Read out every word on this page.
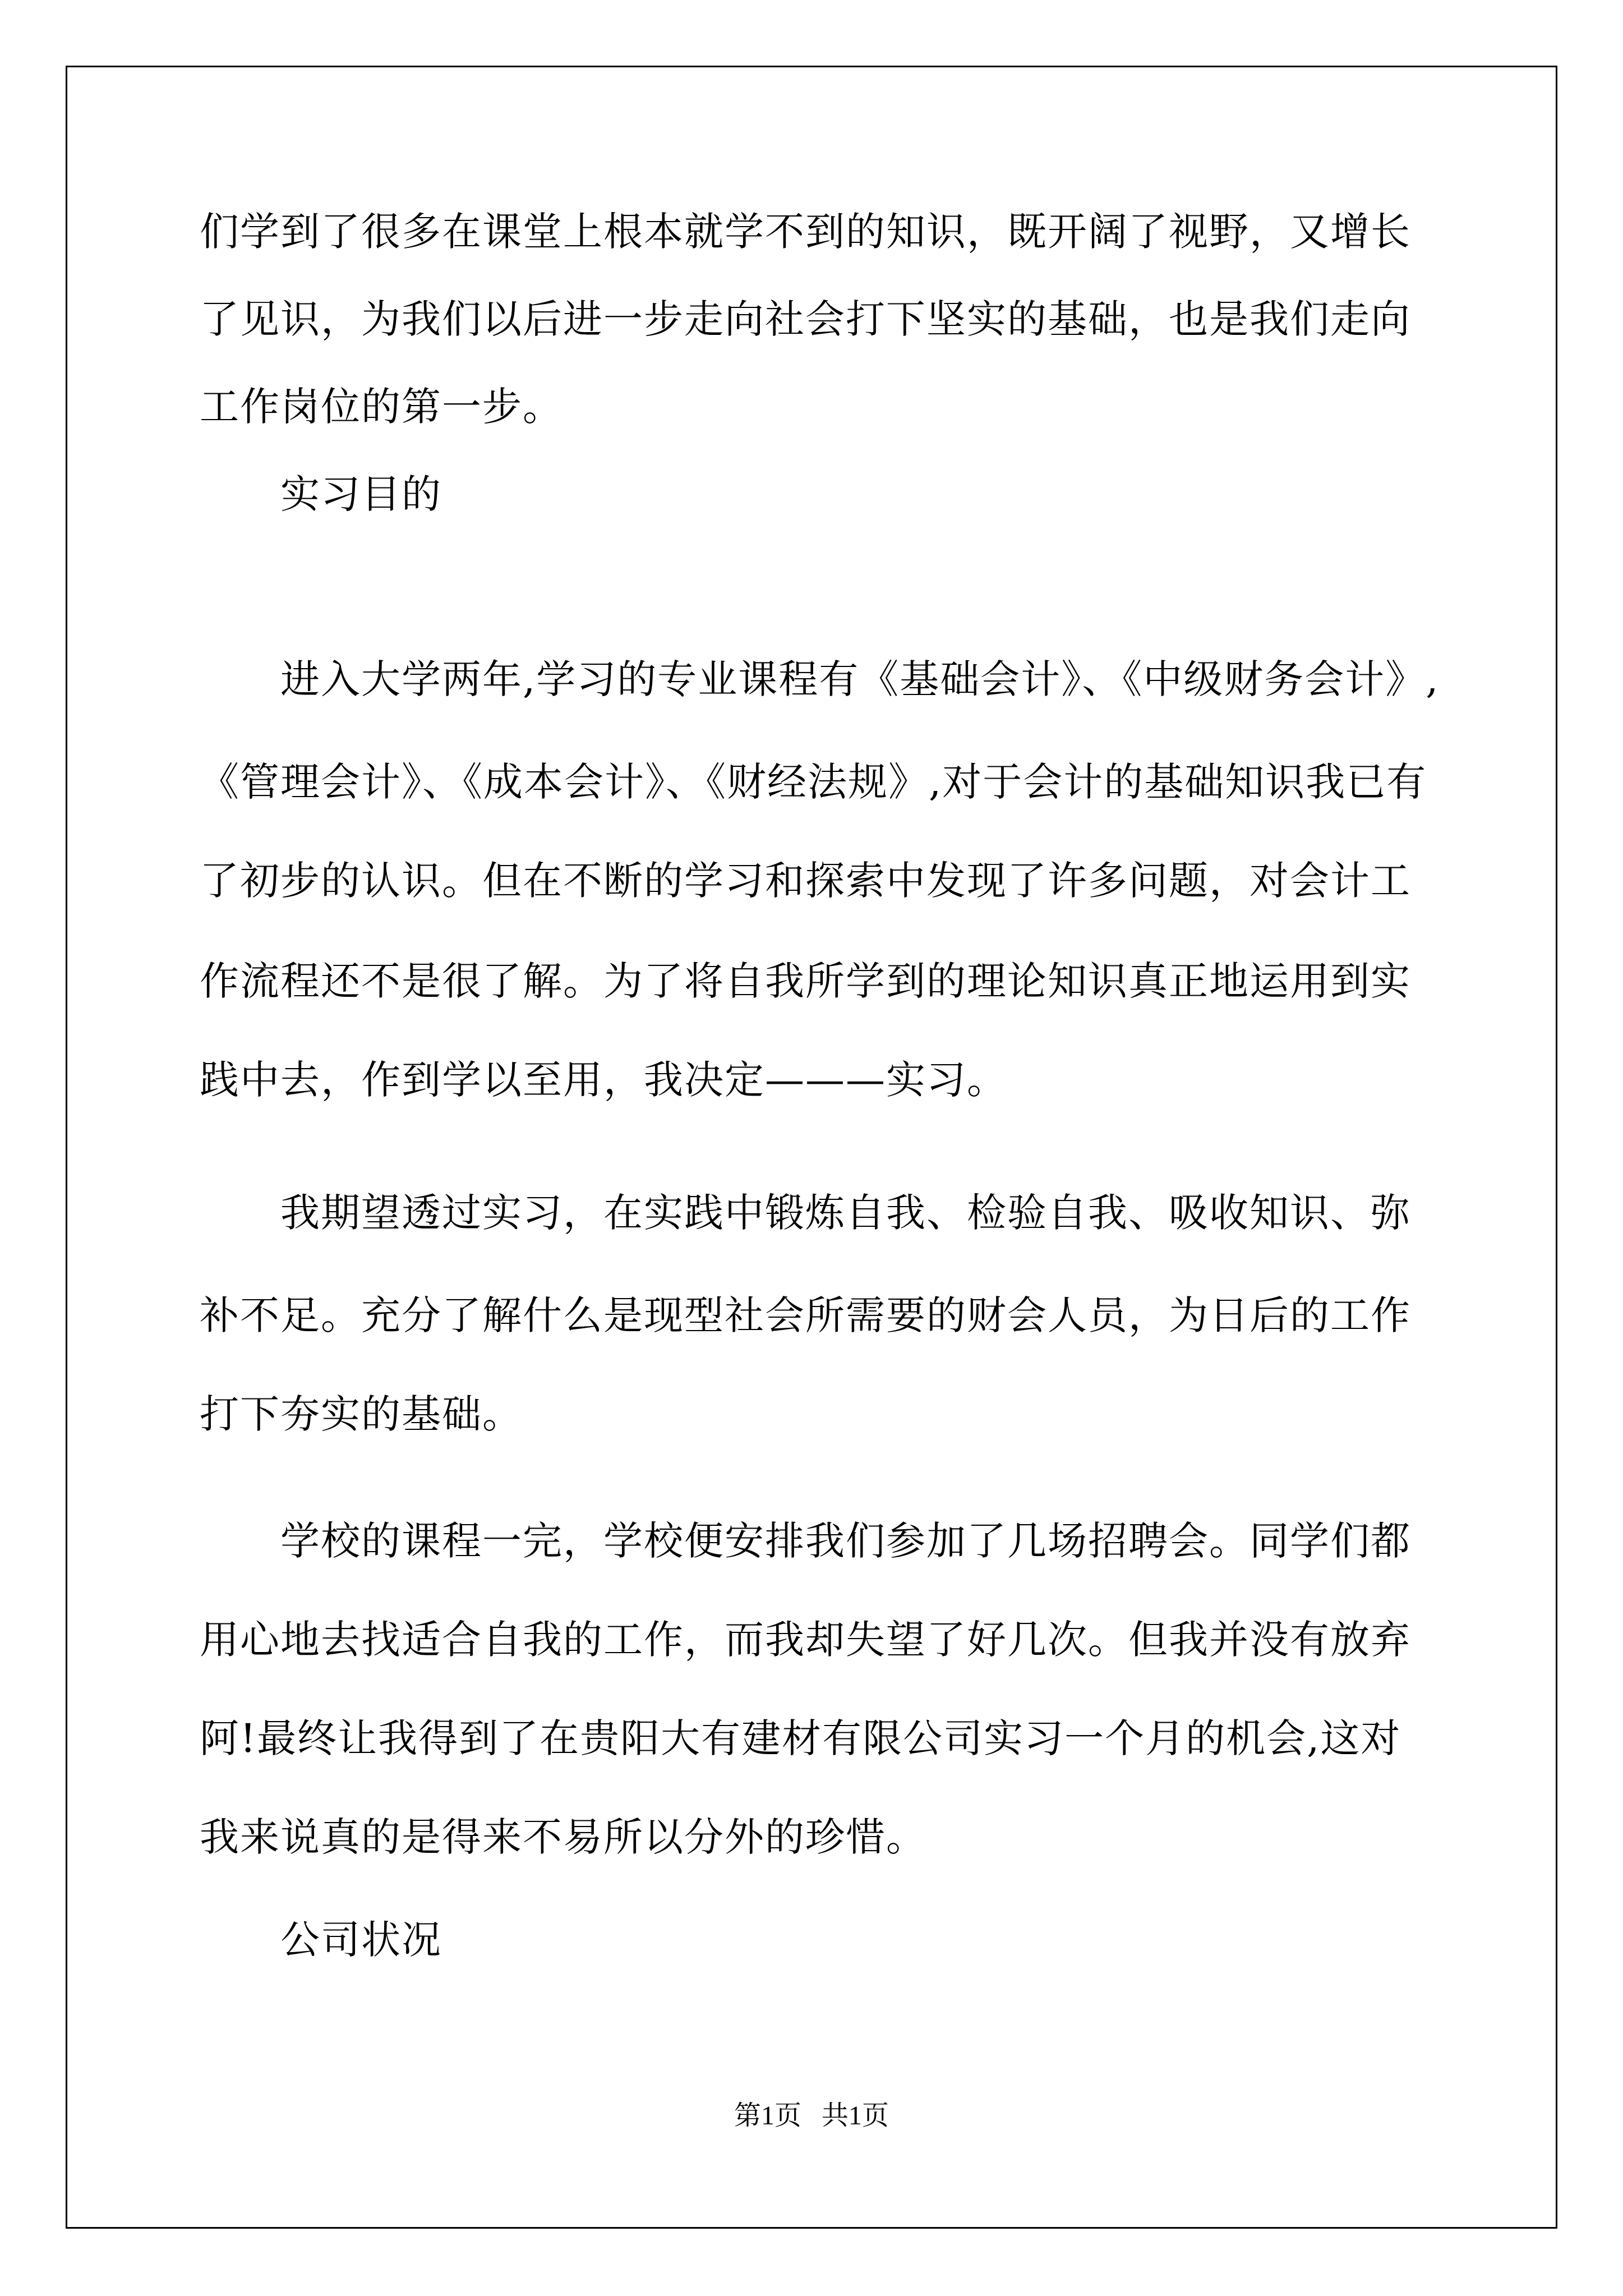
们学到了很多在课堂上根本就学不到的知识，既开阔了视野，又增长
了见识，为我们以后进一步走向社会打下坚实的基础，也是我们走向
工作岗位的第一步。
实习目的
进入大学两年,学习的专业课程有《基础会计》、《中级财务会计》,
《管理会计》、《成本会计》、《财经法规》,对于会计的基础知识我已有
了初步的认识。但在不断的学习和探索中发现了许多问题，对会计工
作流程还不是很了解。为了将自我所学到的理论知识真正地运用到实
践中去，作到学以至用，我决定———实习。
我期望透过实习，在实践中锻炼自我、检验自我、吸收知识、弥
补不足。充分了解什么是现型社会所需要的财会人员，为日后的工作
打下夯实的基础。
学校的课程一完，学校便安排我们参加了几场招聘会。同学们都
用心地去找适合自我的工作，而我却失望了好几次。但我并没有放弃
阿!最终让我得到了在贵阳大有建材有限公司实习一个月的机会,这对
我来说真的是得来不易所以分外的珍惜。
公司状况
第1页   共1页
